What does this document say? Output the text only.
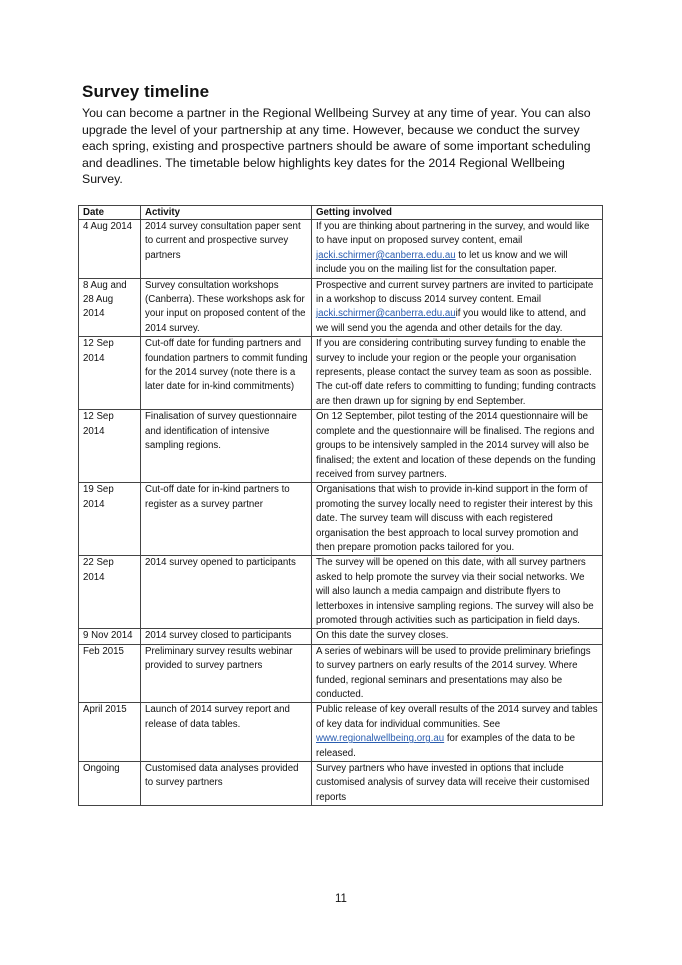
Survey timeline

You can become a partner in the Regional Wellbeing Survey at any time of year. You can also upgrade the level of your partnership at any time. However, because we conduct the survey each spring, existing and prospective partners should be aware of some important scheduling and deadlines. The timetable below highlights key dates for the 2014 Regional Wellbeing Survey.

Date	Activity	Getting involved
4 Aug 2014	2014 survey consultation paper sent to current and prospective survey partners	If you are thinking about partnering in the survey, and would like to have input on proposed survey content, email jacki.schirmer@canberra.edu.au to let us know and we will include you on the mailing list for the consultation paper.
8 Aug and 28 Aug 2014	Survey consultation workshops (Canberra). These workshops ask for your input on proposed content of the 2014 survey.	Prospective and current survey partners are invited to participate in a workshop to discuss 2014 survey content. Email jacki.schirmer@canberra.edu.auif you would like to attend, and we will send you the agenda and other details for the day.
12 Sep 2014	Cut-off date for funding partners and foundation partners to commit funding for the 2014 survey (note there is a later date for in-kind commitments)	If you are considering contributing survey funding to enable the survey to include your region or the people your organisation represents, please contact the survey team as soon as possible. The cut-off date refers to committing to funding; funding contracts are then drawn up for signing by end September.
12 Sep 2014	Finalisation of survey questionnaire and identification of intensive sampling regions.	On 12 September, pilot testing of the 2014 questionnaire will be complete and the questionnaire will be finalised. The regions and groups to be intensively sampled in the 2014 survey will also be finalised; the extent and location of these depends on the funding received from survey partners.
19 Sep 2014	Cut-off date for in-kind partners to register as a survey partner	Organisations that wish to provide in-kind support in the form of promoting the survey locally need to register their interest by this date. The survey team will discuss with each registered organisation the best approach to local survey promotion and then prepare promotion packs tailored for you.
22 Sep 2014	2014 survey opened to participants	The survey will be opened on this date, with all survey partners asked to help promote the survey via their social networks. We will also launch a media campaign and distribute flyers to letterboxes in intensive sampling regions. The survey will also be promoted through activities such as participation in field days.
9 Nov 2014	2014 survey closed to participants	On this date the survey closes.
Feb 2015	Preliminary survey results webinar provided to survey partners	A series of webinars will be used to provide preliminary briefings to survey partners on early results of the 2014 survey. Where funded, regional seminars and presentations may also be conducted.
April 2015	Launch of 2014 survey report and release of data tables.	Public release of key overall results of the 2014 survey and tables of key data for individual communities. See www.regionalwellbeing.org.au for examples of the data to be released.
Ongoing	Customised data analyses provided to survey partners	Survey partners who have invested in options that include customised analysis of survey data will receive their customised reports
11
